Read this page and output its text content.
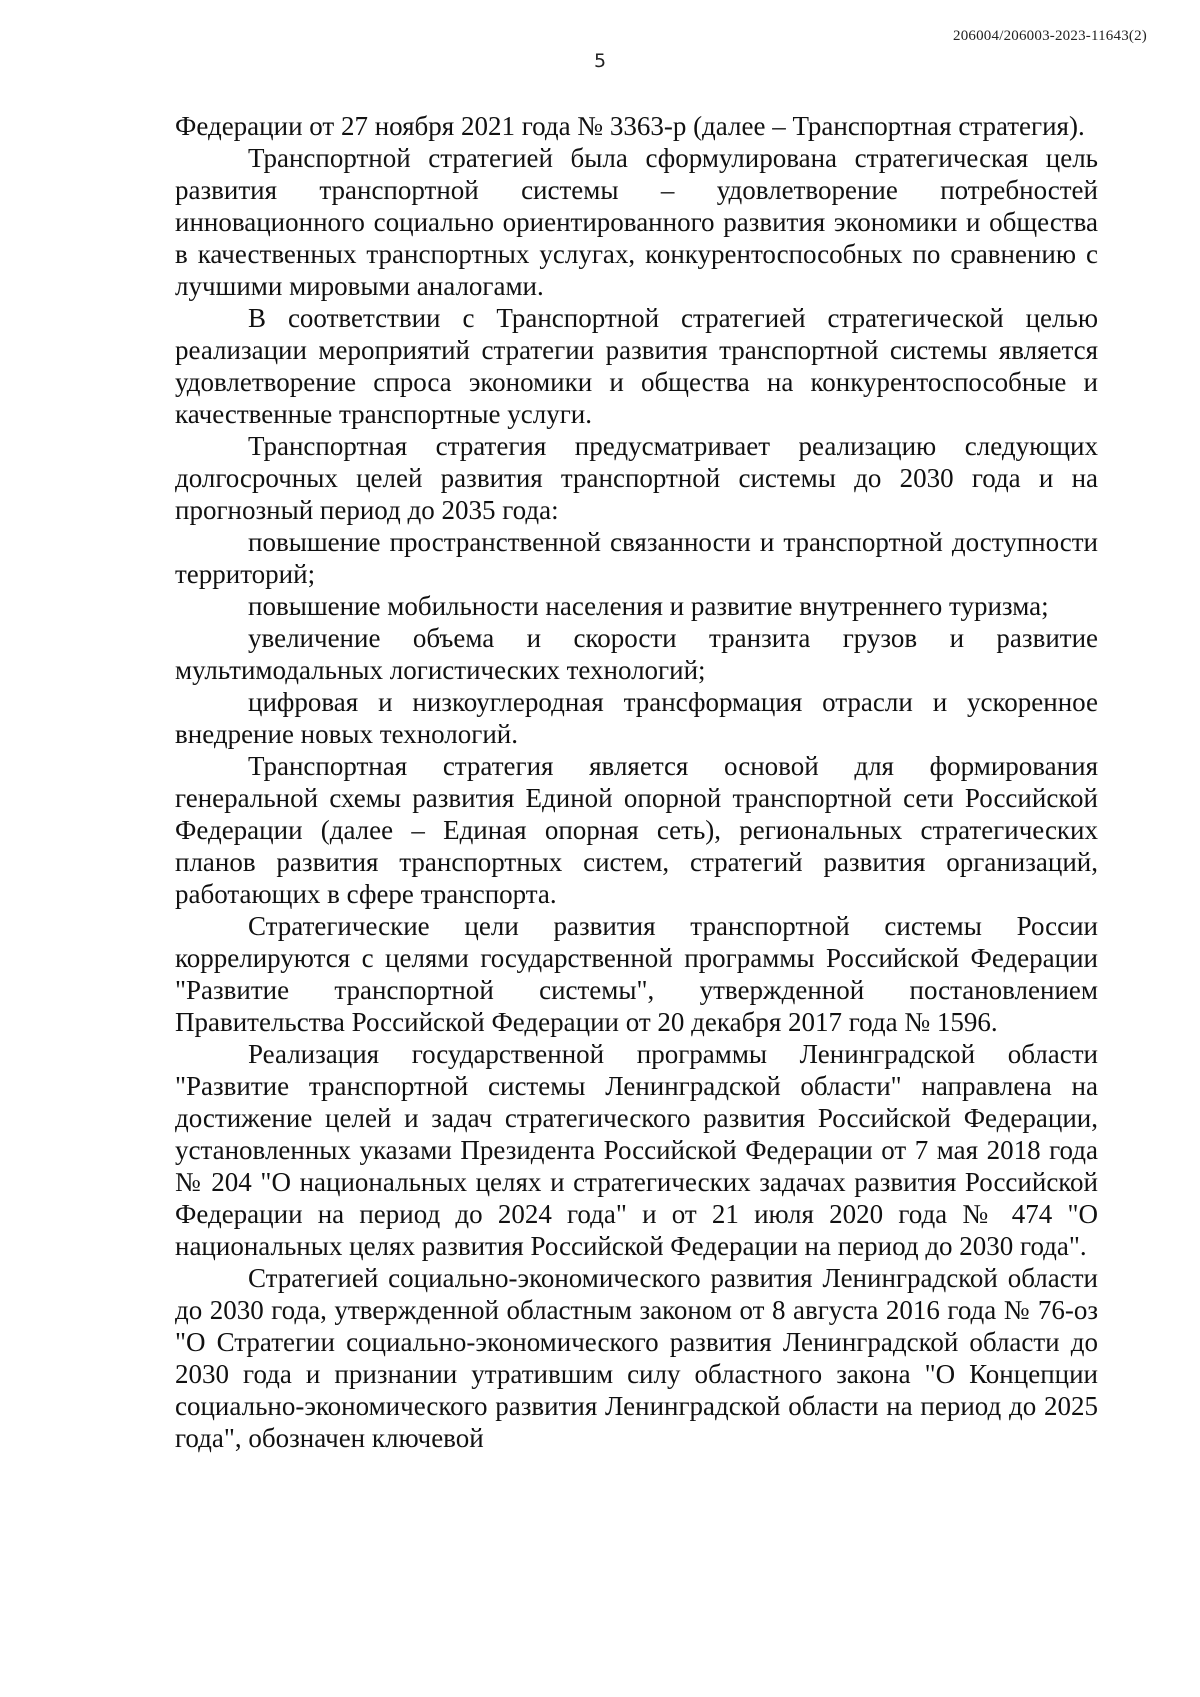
206004/206003-2023-11643(2)
5

Федерации от 27 ноября 2021 года № 3363-р (далее – Транспортная стратегия).

Транспортной стратегией была сформулирована стратегическая цель развития транспортной системы – удовлетворение потребностей инновационного социально ориентированного развития экономики и общества в качественных транспортных услугах, конкурентоспособных по сравнению с лучшими мировыми аналогами.

В соответствии с Транспортной стратегией стратегической целью реализации мероприятий стратегии развития транспортной системы является удовлетворение спроса экономики и общества на конкурентоспособные и качественные транспортные услуги.

Транспортная стратегия предусматривает реализацию следующих долгосрочных целей развития транспортной системы до 2030 года и на прогнозный период до 2035 года:

повышение пространственной связанности и транспортной доступности территорий;

повышение мобильности населения и развитие внутреннего туризма;

увеличение объема и скорости транзита грузов и развитие мультимодальных логистических технологий;

цифровая и низкоуглеродная трансформация отрасли и ускоренное внедрение новых технологий.

Транспортная стратегия является основой для формирования генеральной схемы развития Единой опорной транспортной сети Российской Федерации (далее – Единая опорная сеть), региональных стратегических планов развития транспортных систем, стратегий развития организаций, работающих в сфере транспорта.

Стратегические цели развития транспортной системы России коррелируются с целями государственной программы Российской Федерации "Развитие транспортной системы", утвержденной постановлением Правительства Российской Федерации от 20 декабря 2017 года № 1596.

Реализация государственной программы Ленинградской области "Развитие транспортной системы Ленинградской области" направлена на достижение целей и задач стратегического развития Российской Федерации, установленных указами Президента Российской Федерации от 7 мая 2018 года № 204 "О национальных целях и стратегических задачах развития Российской Федерации на период до 2024 года" и от 21 июля 2020 года № 474 "О национальных целях развития Российской Федерации на период до 2030 года".

Стратегией социально-экономического развития Ленинградской области до 2030 года, утвержденной областным законом от 8 августа 2016 года № 76-оз "О Стратегии социально-экономического развития Ленинградской области до 2030 года и признании утратившим силу областного закона "О Концепции социально-экономического развития Ленинградской области на период до 2025 года", обозначен ключевой
